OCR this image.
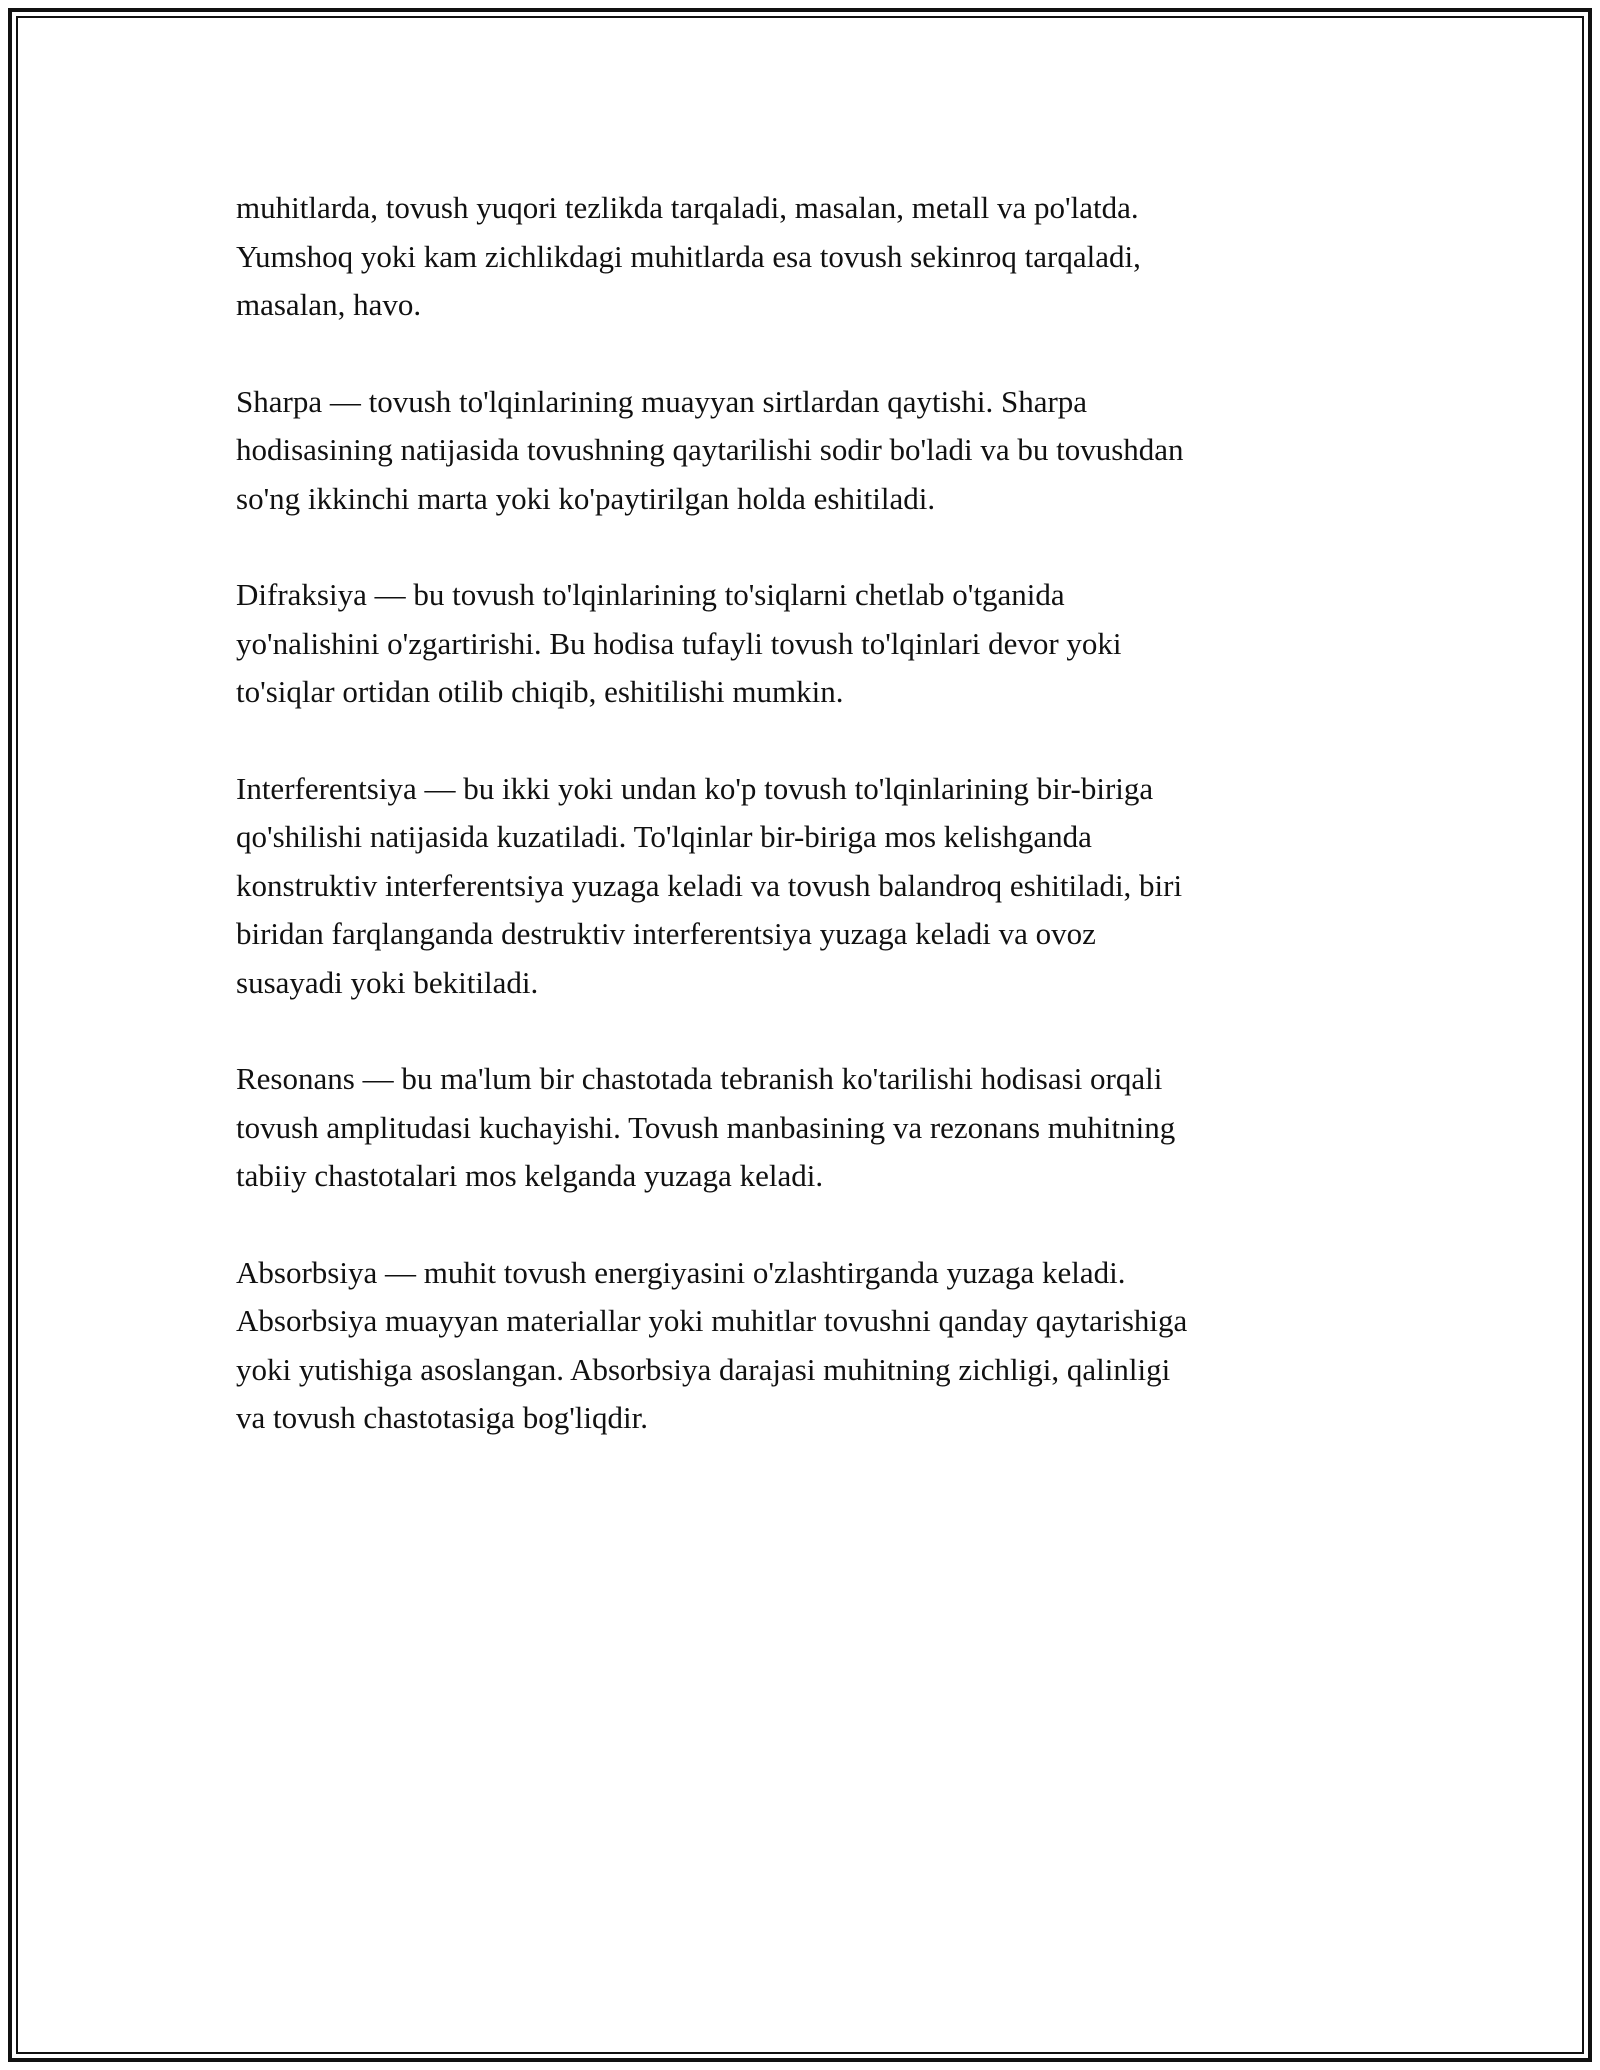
muhitlarda, tovush yuqori tezlikda tarqaladi, masalan, metall va po'latda.
Yumshoq yoki kam zichlikdagi muhitlarda esa tovush sekinroq tarqaladi,
masalan, havo.

Sharpa — tovush to'lqinlarining muayyan sirtlardan qaytishi. Sharpa
hodisasining natijasida tovushning qaytarilishi sodir bo'ladi va bu tovushdan
so'ng ikkinchi marta yoki ko'paytirilgan holda eshitiladi.

Difraksiya — bu tovush to'lqinlarining to'siqlarni chetlab o'tganida
yo'nalishini o'zgartirishi. Bu hodisa tufayli tovush to'lqinlari devor yoki
to'siqlar ortidan otilib chiqib, eshitilishi mumkin.

Interferentsiya — bu ikki yoki undan ko'p tovush to'lqinlarining bir-biriga
qo'shilishi natijasida kuzatiladi. To'lqinlar bir-biriga mos kelishganda
konstruktiv interferentsiya yuzaga keladi va tovush balandroq eshitiladi, biri
biridan farqlanganda destruktiv interferentsiya yuzaga keladi va ovoz
susayadi yoki bekitiladi.

Resonans — bu ma'lum bir chastotada tebranish ko'tarilishi hodisasi orqali
tovush amplitudasi kuchayishi. Tovush manbasining va rezonans muhitning
tabiiy chastotalari mos kelganda yuzaga keladi.

Absorbsiya — muhit tovush energiyasini o'zlashtirganda yuzaga keladi.
Absorbsiya muayyan materiallar yoki muhitlar tovushni qanday qaytarishiga
yoki yutishiga asoslangan. Absorbsiya darajasi muhitning zichligi, qalinligi
va tovush chastotasiga bog'liqdir.
